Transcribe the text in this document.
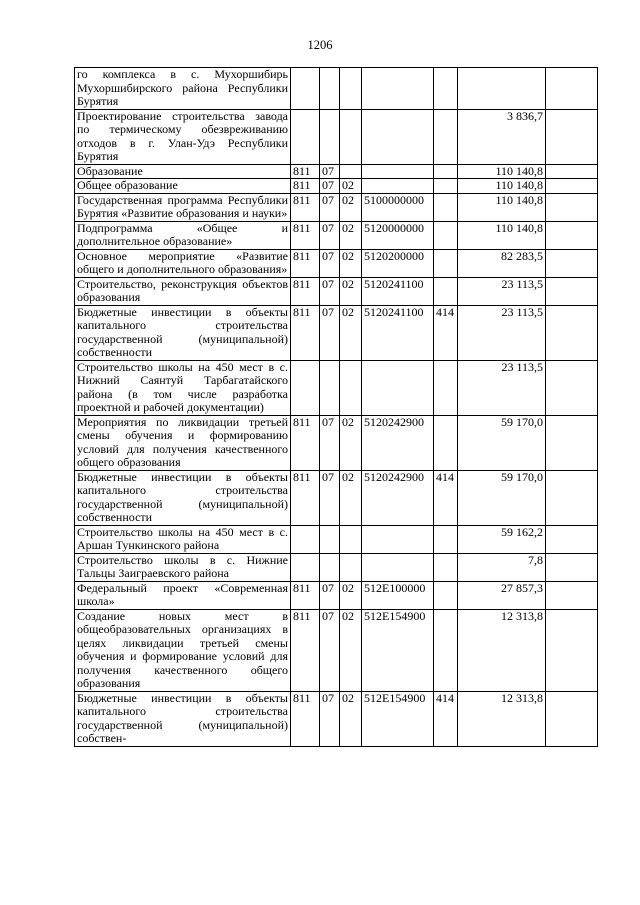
1206
го комплекса в с. Мухоршибирь Мухоршибирского района Республики Бурятия							
Проектирование строительства завода по термическому обезвреживанию отходов в г. Улан-Удэ Республики Бурятия						3 836,7	
Образование	811	07				110 140,8	
Общее образование	811	07	02			110 140,8	
Государственная программа Республики Бурятия «Развитие образования и науки»	811	07	02	5100000000		110 140,8	
Подпрограмма «Общее и дополнительное образование»	811	07	02	5120000000		110 140,8	
Основное мероприятие «Развитие общего и дополнительного образования»	811	07	02	5120200000		82 283,5	
Строительство, реконструкция объектов образования	811	07	02	5120241100		23 113,5	
Бюджетные инвестиции в объекты капитального строительства государственной (муниципальной) собственности	811	07	02	5120241100	414	23 113,5	
Строительство школы на 450 мест в с. Нижний Саянтуй Тарбагатайского района (в том числе разработка проектной и рабочей документации)						23 113,5	
Мероприятия по ликвидации третьей смены обучения и формированию условий для получения качественного общего образования	811	07	02	5120242900		59 170,0	
Бюджетные инвестиции в объекты капитального строительства государственной (муниципальной) собственности	811	07	02	5120242900	414	59 170,0	
Строительство школы на 450 мест в с. Аршан Тункинского района						59 162,2	
Строительство школы в с. Нижние Тальцы Заиграевского района						7,8	
Федеральный проект «Современная школа»	811	07	02	512E100000		27 857,3	
Создание новых мест в общеобразовательных организациях в целях ликвидации третьей смены обучения и формирование условий для получения качественного общего образования	811	07	02	512E154900		12 313,8	
Бюджетные инвестиции в объекты капитального строительства государственной (муниципальной) собствен-	811	07	02	512E154900	414	12 313,8	
